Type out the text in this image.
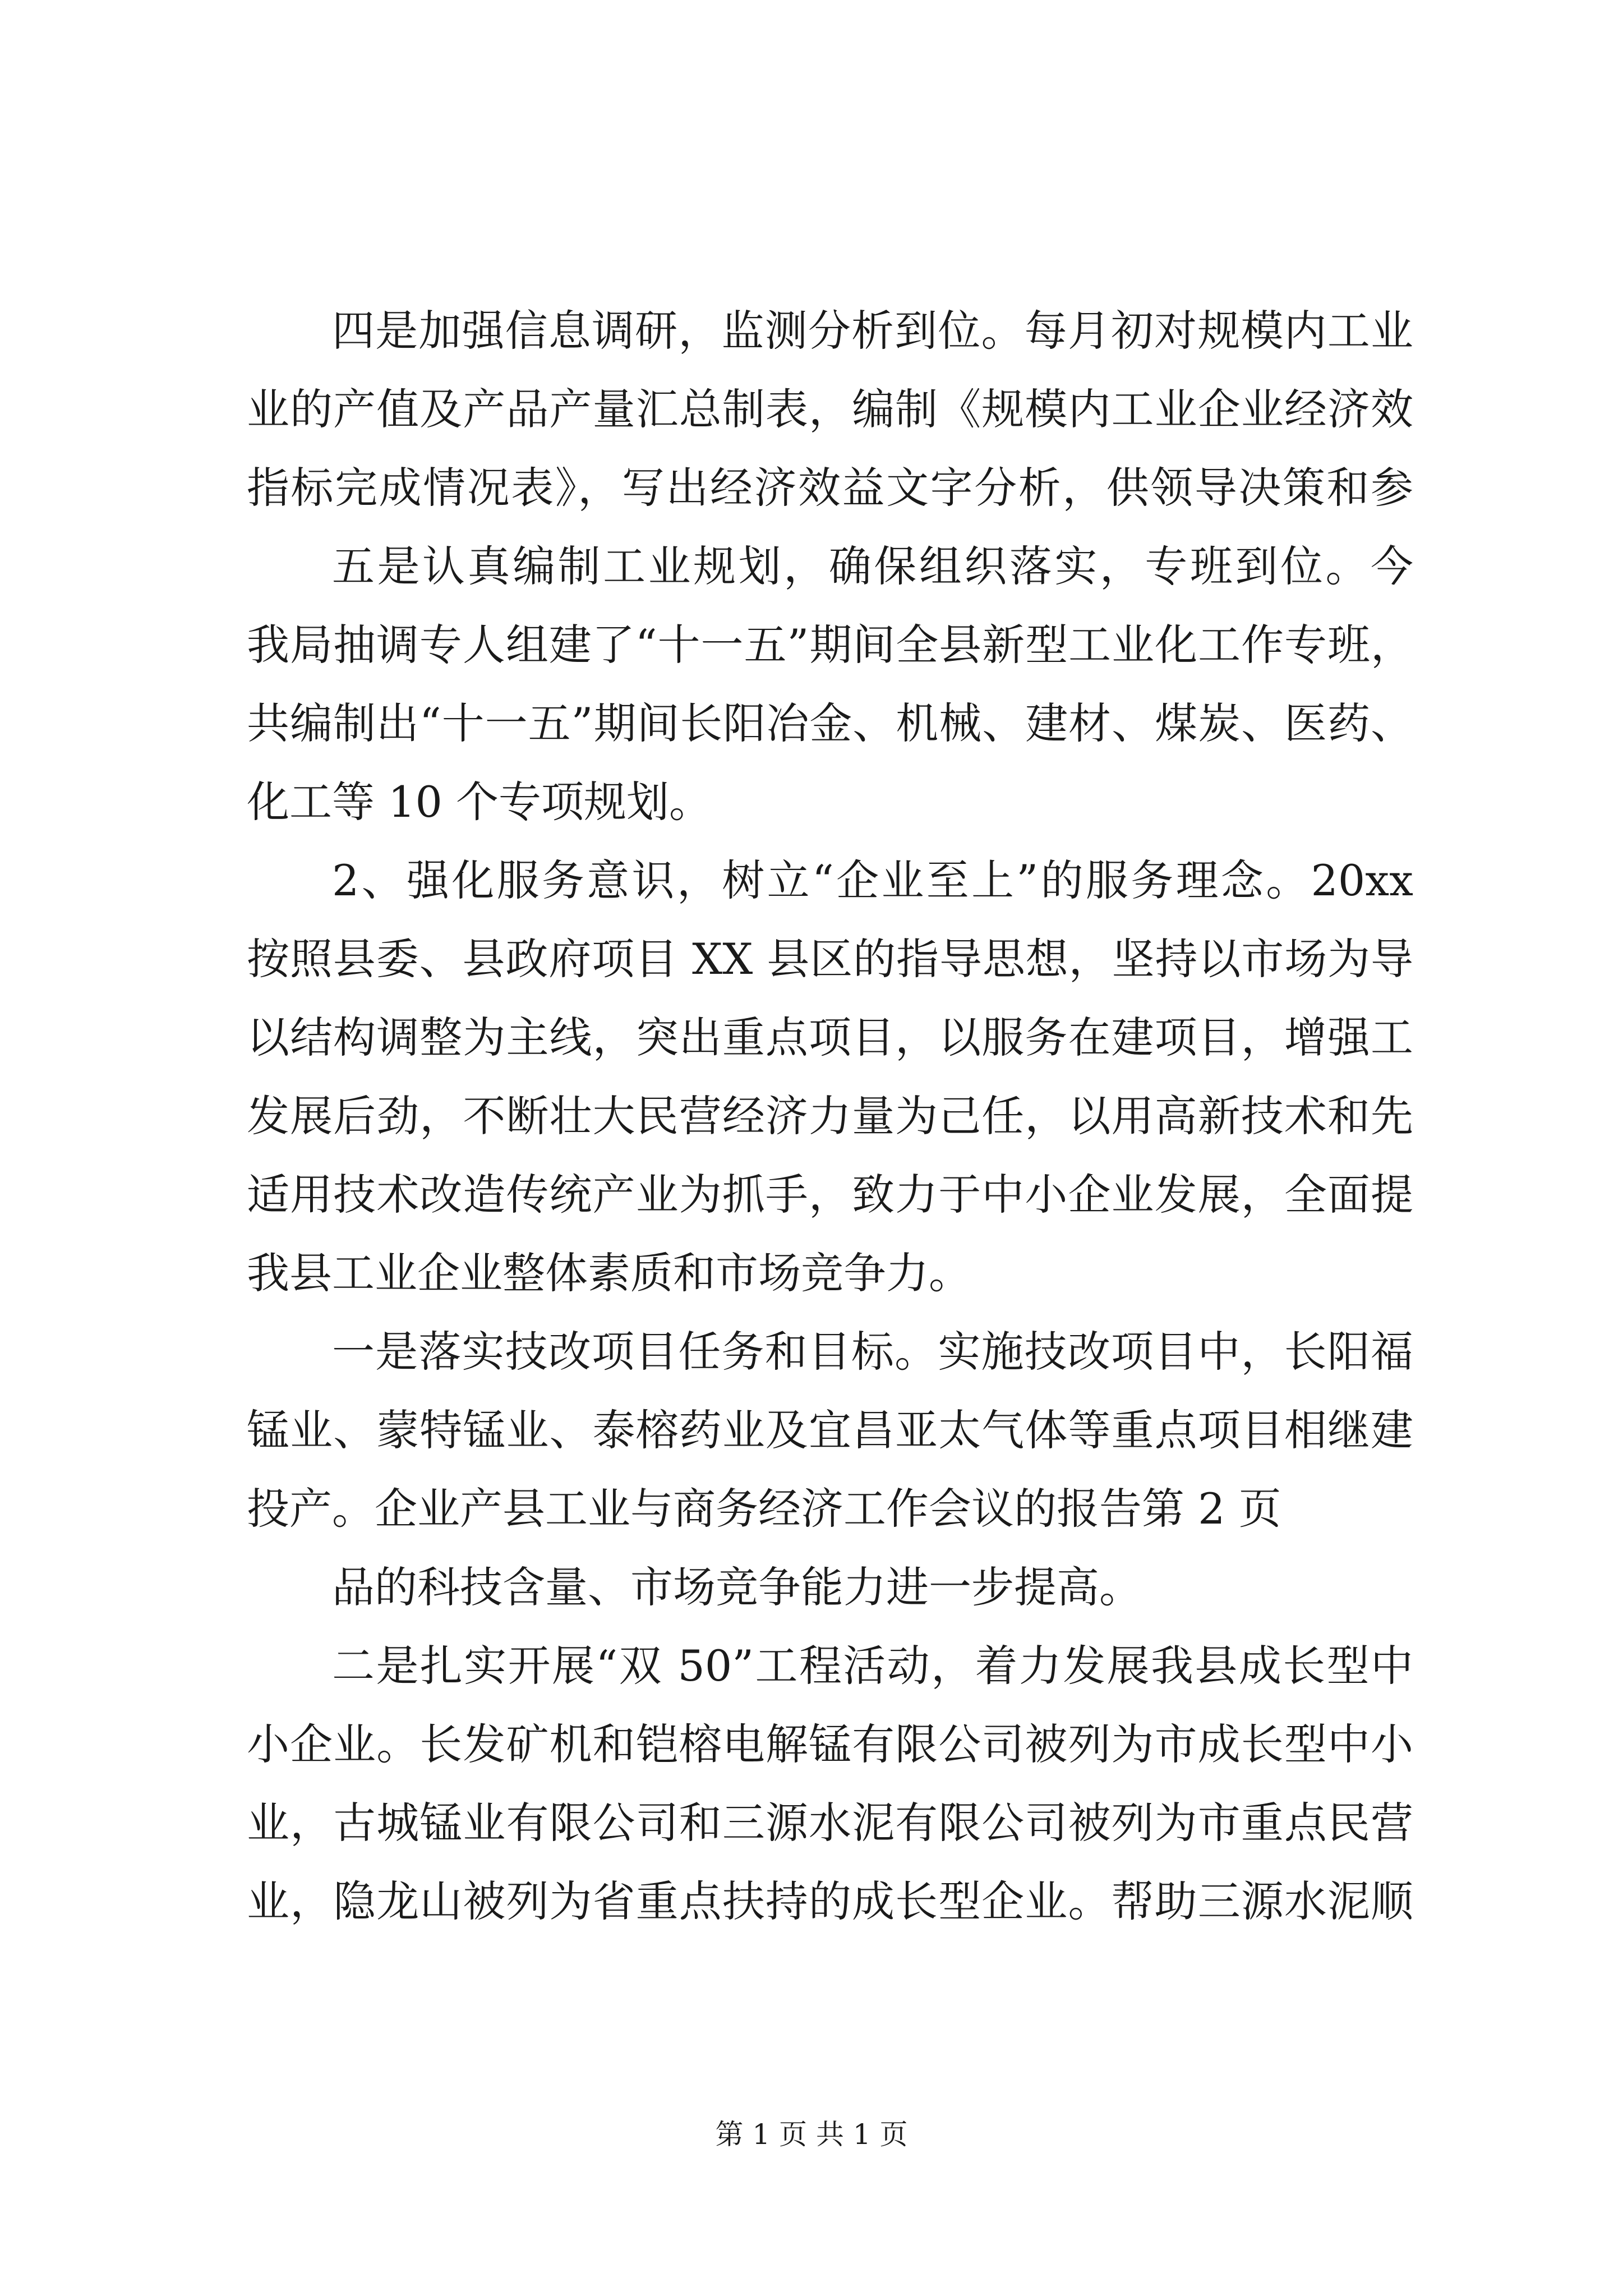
四是加强信息调研，监测分析到位。每月初对规模内工业
业的产值及产品产量汇总制表，编制《规模内工业企业经济效
指标完成情况表》，写出经济效益文字分析，供领导决策和参
五是认真编制工业规划，确保组织落实，专班到位。今
我局抽调专人组建了“十一五”期间全县新型工业化工作专班，
共编制出“十一五”期间长阳冶金、机械、建材、煤炭、医药、
化工等 10 个专项规划。
2、强化服务意识，树立“企业至上”的服务理念。20xx
按照县委、县政府项目 XX 县区的指导思想，坚持以市场为导
以结构调整为主线，突出重点项目，以服务在建项目，增强工
发展后劲，不断壮大民营经济力量为己任，以用高新技术和先
适用技术改造传统产业为抓手，致力于中小企业发展，全面提
我县工业企业整体素质和市场竞争力。
一是落实技改项目任务和目标。实施技改项目中，长阳福
锰业、蒙特锰业、泰榕药业及宜昌亚太气体等重点项目相继建
投产。企业产县工业与商务经济工作会议的报告第 2 页
品的科技含量、市场竞争能力进一步提高。
二是扎实开展“双 50”工程活动，着力发展我县成长型中
小企业。长发矿机和铠榕电解锰有限公司被列为市成长型中小
业，古城锰业有限公司和三源水泥有限公司被列为市重点民营
业，隐龙山被列为省重点扶持的成长型企业。帮助三源水泥顺
第 1 页 共 1 页
